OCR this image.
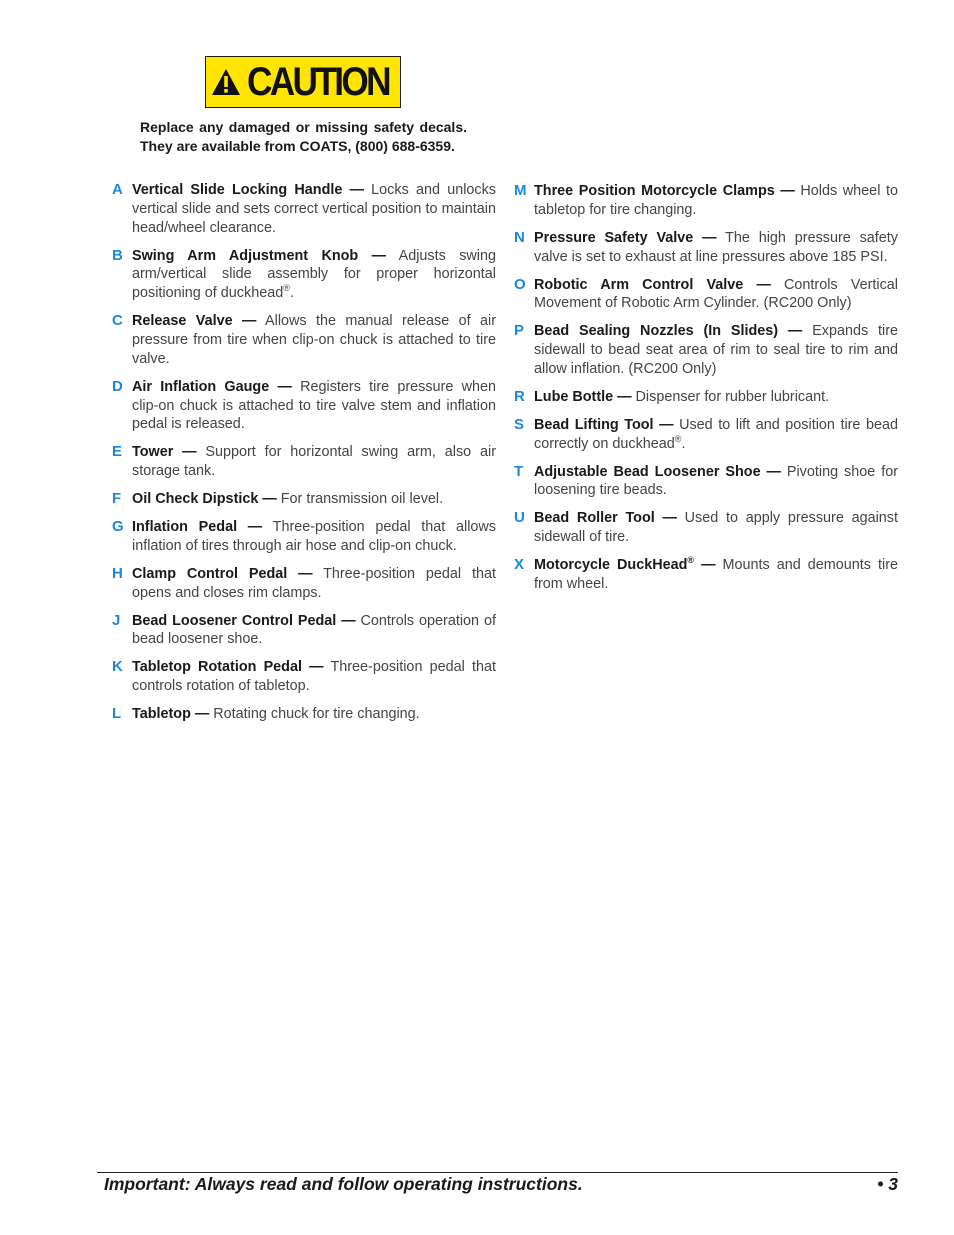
CAUTION
Replace any damaged or missing safety decals. They are available from COATS, (800) 688-6359.
A Vertical Slide Locking Handle — Locks and unlocks vertical slide and sets correct vertical position to maintain head/wheel clearance.
B Swing Arm Adjustment Knob — Adjusts swing arm/vertical slide assembly for proper horizontal positioning of duckhead®.
C Release Valve — Allows the manual release of air pressure from tire when clip-on chuck is attached to tire valve.
D Air Inflation Gauge — Registers tire pressure when clip-on chuck is attached to tire valve stem and inflation pedal is released.
E Tower — Support for horizontal swing arm, also air storage tank.
F Oil Check Dipstick — For transmission oil level.
G Inflation Pedal — Three-position pedal that allows inflation of tires through air hose and clip-on chuck.
H Clamp Control Pedal — Three-position pedal that opens and closes rim clamps.
J Bead Loosener Control Pedal — Controls operation of bead loosener shoe.
K Tabletop Rotation Pedal — Three-position pedal that controls rotation of tabletop.
L Tabletop — Rotating chuck for tire changing.
M Three Position Motorcycle Clamps — Holds wheel to tabletop for tire changing.
N Pressure Safety Valve — The high pressure safety valve is set to exhaust at line pressures above 185 PSI.
O Robotic Arm Control Valve — Controls Vertical Movement of Robotic Arm Cylinder. (RC200 Only)
P Bead Sealing Nozzles (In Slides) — Expands tire sidewall to bead seat area of rim to seal tire to rim and allow inflation. (RC200 Only)
R Lube Bottle — Dispenser for rubber lubricant.
S Bead Lifting Tool — Used to lift and position tire bead correctly on duckhead®.
T Adjustable Bead Loosener Shoe — Pivoting shoe for loosening tire beads.
U Bead Roller Tool — Used to apply pressure against sidewall of tire.
X Motorcycle DuckHead® — Mounts and demounts tire from wheel.
Important: Always read and follow operating instructions.	• 3
